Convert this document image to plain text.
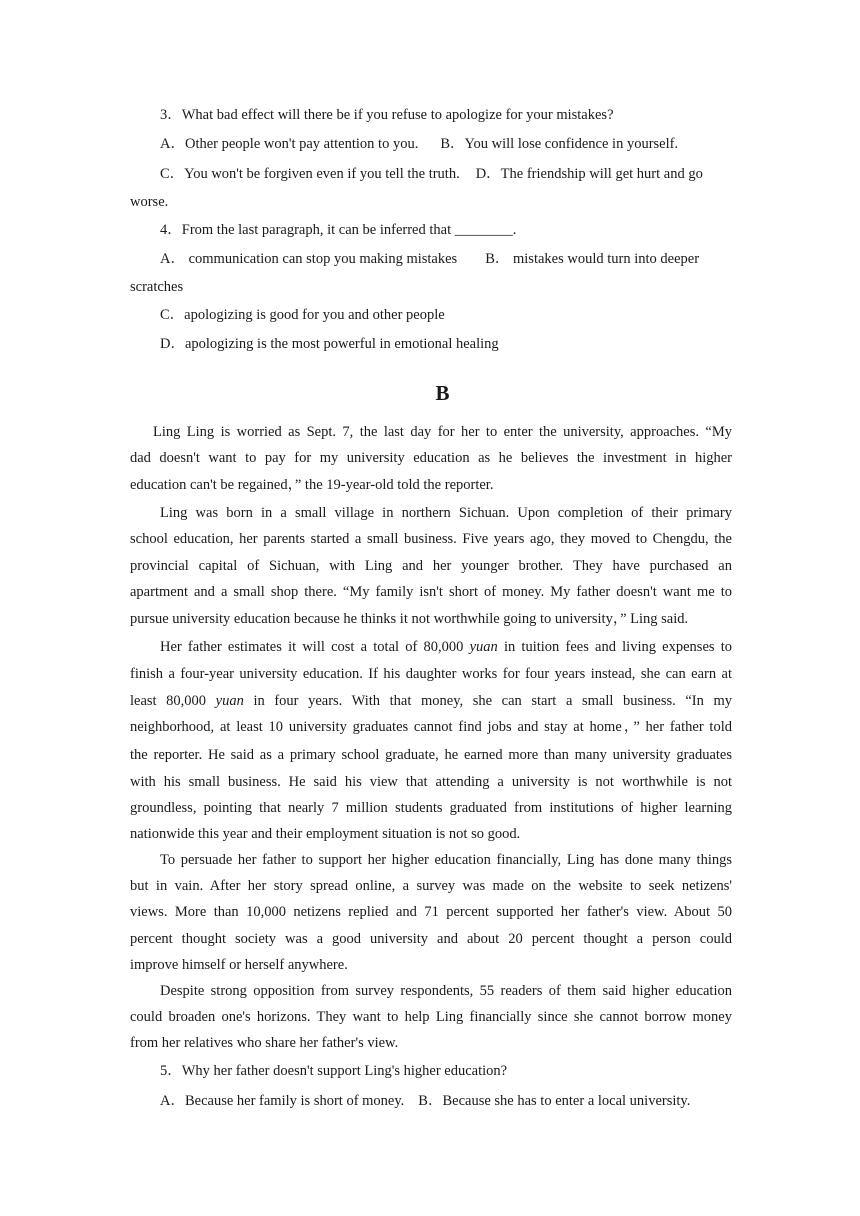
3．What bad effect will there be if you refuse to apologize for your mistakes?
A．Other people won't pay attention to you. B．You will lose confidence in yourself.
C．You won't be forgiven even if you tell the truth. D．The friendship will get hurt and go
worse.
4．From the last paragraph, it can be inferred that ________.
A． communication can stop you making mistakes B． mistakes would turn into deeper
scratches
C．apologizing is good for you and other people
D．apologizing is the most powerful in emotional healing
B
Ling Ling is worried as Sept. 7, the last day for her to enter the university, approaches. “My
dad doesn't want to pay for my university education as he believes the investment in higher
education can't be regained，” the 19-year-old told the reporter.
Ling was born in a small village in northern Sichuan. Upon completion of their primary
school education, her parents started a small business. Five years ago, they moved to Chengdu, the
provincial capital of Sichuan, with Ling and her younger brother. They have purchased an
apartment and a small shop there. “My family isn't short of money. My father doesn't want me to
pursue university education because he thinks it not worthwhile going to university，” Ling said.
Her father estimates it will cost a total of 80,000 yuan in tuition fees and living expenses to
finish a four-year university education. If his daughter works for four years instead, she can earn at
least 80,000 yuan in four years. With that money, she can start a small business. “In my
neighborhood, at least 10 university graduates cannot find jobs and stay at home，” her father told
the reporter. He said as a primary school graduate, he earned more than many university graduates
with his small business. He said his view that attending a university is not worthwhile is not
groundless, pointing that nearly 7 million students graduated from institutions of higher learning
nationwide this year and their employment situation is not so good.
To persuade her father to support her higher education financially, Ling has done many things
but in vain. After her story spread online, a survey was made on the website to seek netizens'
views. More than 10,000 netizens replied and 71 percent supported her father's view. About 50
percent thought society was a good university and about 20 percent thought a person could
improve himself or herself anywhere.
Despite strong opposition from survey respondents, 55 readers of them said higher education
could broaden one's horizons. They want to help Ling financially since she cannot borrow money
from her relatives who share her father's view.
5．Why her father doesn't support Ling's higher education?
A．Because her family is short of money. B．Because she has to enter a local university.
